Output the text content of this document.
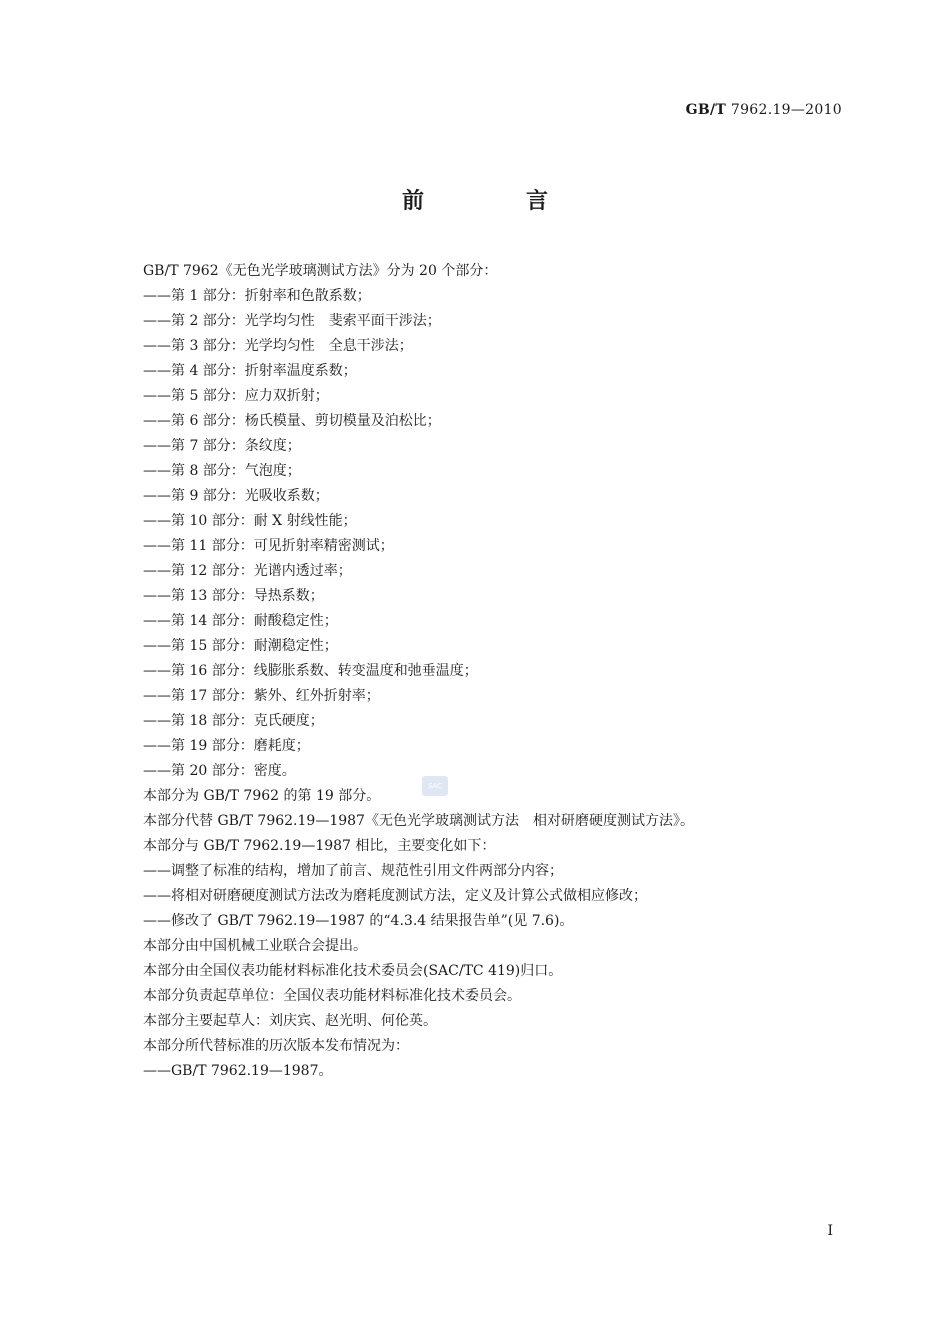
GB/T 7962.19—2010
前　言
GB/T 7962《无色光学玻璃测试方法》分为 20 个部分：
——第 1 部分：折射率和色散系数；
——第 2 部分：光学均匀性　斐索平面干涉法；
——第 3 部分：光学均匀性　全息干涉法；
——第 4 部分：折射率温度系数；
——第 5 部分：应力双折射；
——第 6 部分：杨氏模量、剪切模量及泊松比；
——第 7 部分：条纹度；
——第 8 部分：气泡度；
——第 9 部分：光吸收系数；
——第 10 部分：耐 X 射线性能；
——第 11 部分：可见折射率精密测试；
——第 12 部分：光谱内透过率；
——第 13 部分：导热系数；
——第 14 部分：耐酸稳定性；
——第 15 部分：耐潮稳定性；
——第 16 部分：线膨胀系数、转变温度和弛垂温度；
——第 17 部分：紫外、红外折射率；
——第 18 部分：克氏硬度；
——第 19 部分：磨耗度；
——第 20 部分：密度。
本部分为 GB/T 7962 的第 19 部分。
本部分代替 GB/T 7962.19—1987《无色光学玻璃测试方法　相对研磨硬度测试方法》。
本部分与 GB/T 7962.19—1987 相比，主要变化如下：
——调整了标准的结构，增加了前言、规范性引用文件两部分内容；
——将相对研磨硬度测试方法改为磨耗度测试方法，定义及计算公式做相应修改；
——修改了 GB/T 7962.19—1987 的“4.3.4 结果报告单”(见 7.6)。
本部分由中国机械工业联合会提出。
本部分由全国仪表功能材料标准化技术委员会(SAC/TC 419)归口。
本部分负责起草单位：全国仪表功能材料标准化技术委员会。
本部分主要起草人：刘庆宾、赵光明、何伦英。
本部分所代替标准的历次版本发布情况为：
——GB/T 7962.19—1987。
SAC
I
